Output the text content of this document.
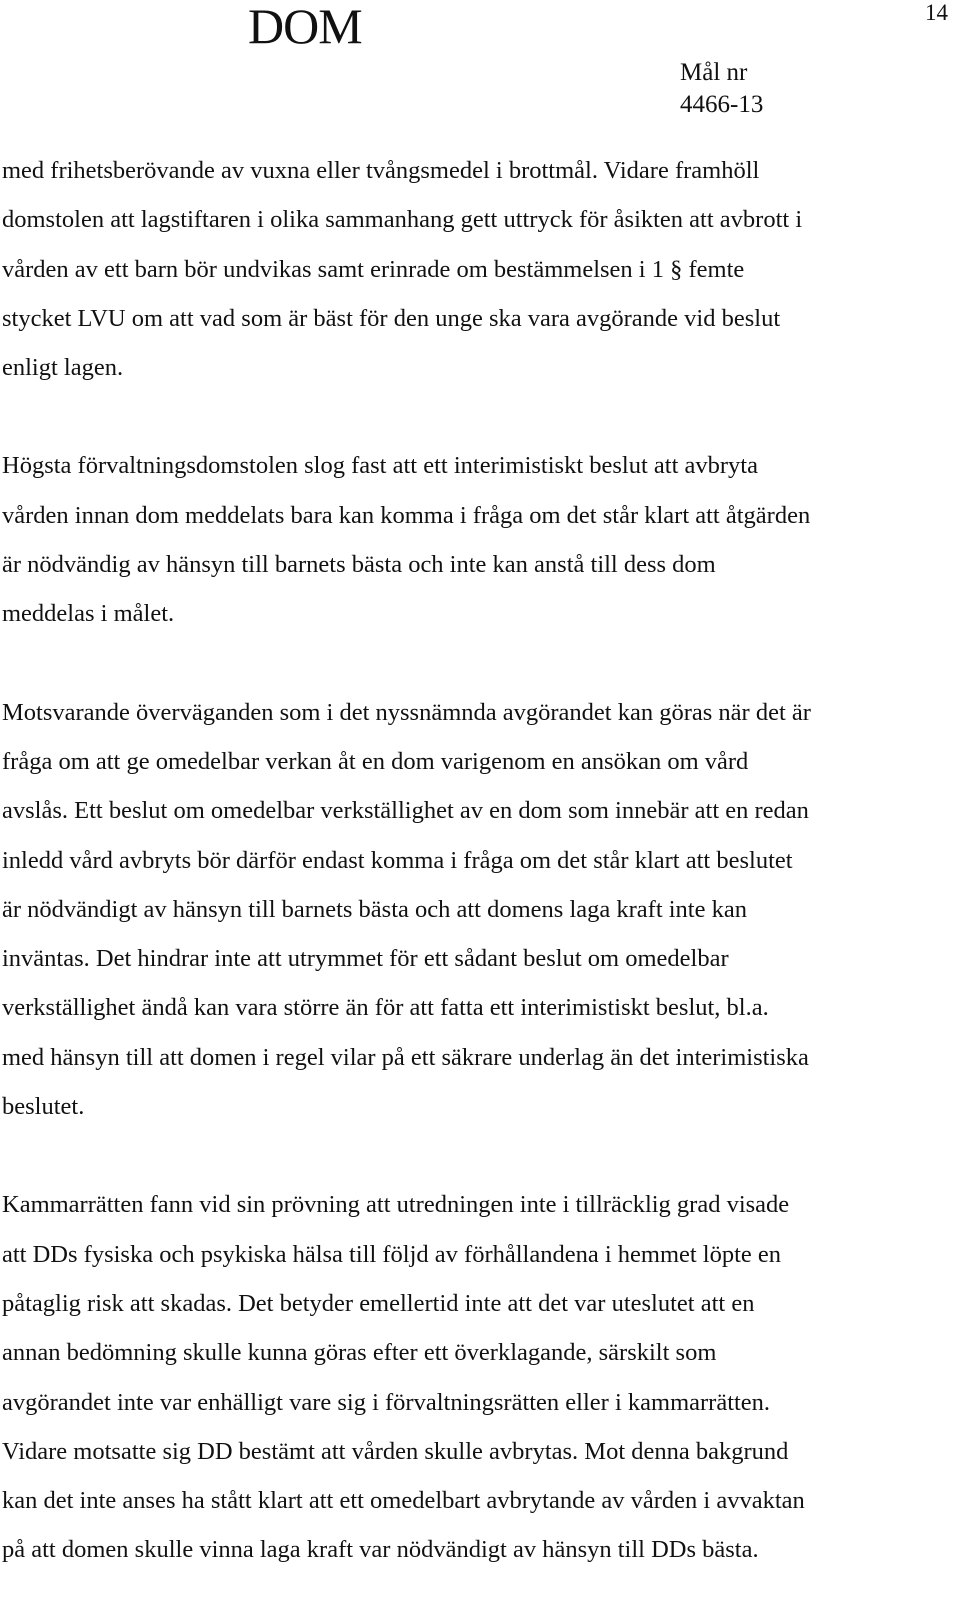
DOM	14
Mål nr
4466-13
med frihetsberövande av vuxna eller tvångsmedel i brottmål. Vidare framhöll
domstolen att lagstiftaren i olika sammanhang gett uttryck för åsikten att avbrott i
vården av ett barn bör undvikas samt erinrade om bestämmelsen i 1 § femte
stycket LVU om att vad som är bäst för den unge ska vara avgörande vid beslut
enligt lagen.
Högsta förvaltningsdomstolen slog fast att ett interimistiskt beslut att avbryta
vården innan dom meddelats bara kan komma i fråga om det står klart att åtgärden
är nödvändig av hänsyn till barnets bästa och inte kan anstå till dess dom
meddelas i målet.
Motsvarande överväganden som i det nyssnämnda avgörandet kan göras när det är
fråga om att ge omedelbar verkan åt en dom varigenom en ansökan om vård
avslås. Ett beslut om omedelbar verkställighet av en dom som innebär att en redan
inledd vård avbryts bör därför endast komma i fråga om det står klart att beslutet
är nödvändigt av hänsyn till barnets bästa och att domens laga kraft inte kan
inväntas. Det hindrar inte att utrymmet för ett sådant beslut om omedelbar
verkställighet ändå kan vara större än för att fatta ett interimistiskt beslut, bl.a.
med hänsyn till att domen i regel vilar på ett säkrare underlag än det interimistiska
beslutet.
Kammarrätten fann vid sin prövning att utredningen inte i tillräcklig grad visade
att DDs fysiska och psykiska hälsa till följd av förhållandena i hemmet löpte en
påtaglig risk att skadas. Det betyder emellertid inte att det var uteslutet att en
annan bedömning skulle kunna göras efter ett överklagande, särskilt som
avgörandet inte var enhälligt vare sig i förvaltningsrätten eller i kammarrätten.
Vidare motsatte sig DD bestämt att vården skulle avbrytas. Mot denna bakgrund
kan det inte anses ha stått klart att ett omedelbart avbrytande av vården i avvaktan
på att domen skulle vinna laga kraft var nödvändigt av hänsyn till DDs bästa.
